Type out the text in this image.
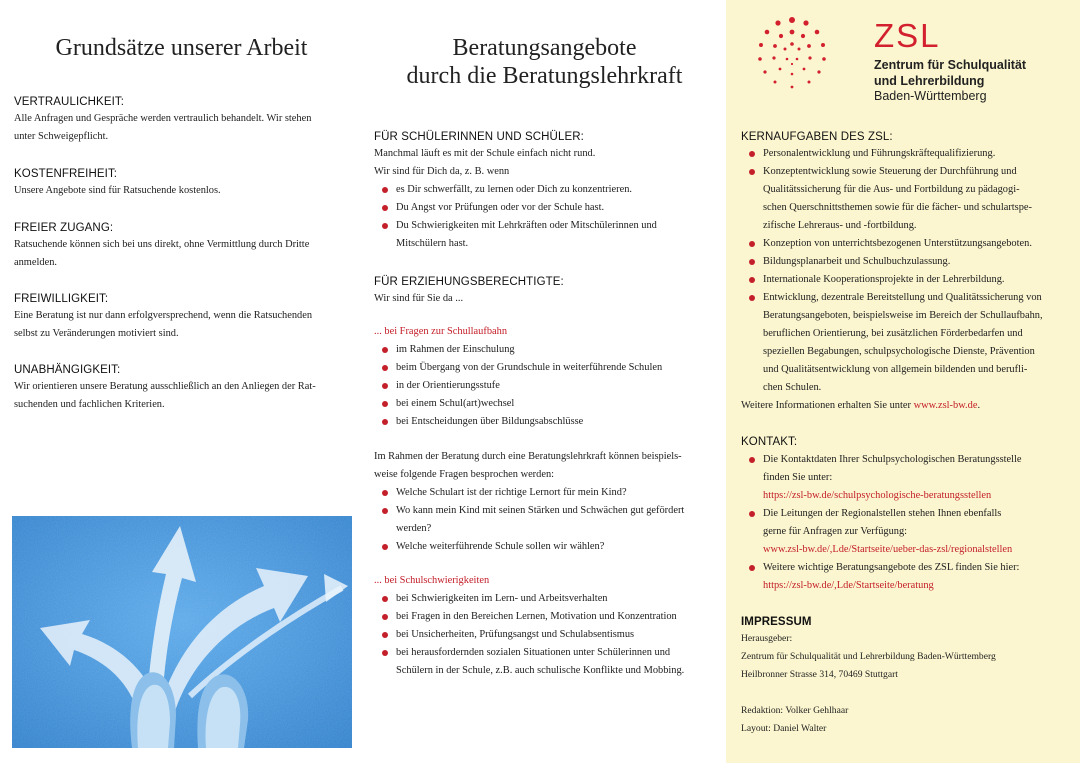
Grundsätze unserer Arbeit
VERTRAULICHKEIT:
Alle Anfragen und Gespräche werden vertraulich behandelt. Wir stehen
unter Schweigepflicht.
KOSTENFREIHEIT:
Unsere Angebote sind für Ratsuchende kostenlos.
FREIER ZUGANG:
Ratsuchende können sich bei uns direkt, ohne Vermittlung durch Dritte
anmelden.
FREIWILLIGKEIT:
Eine Beratung ist nur dann erfolgversprechend, wenn die Ratsuchenden
selbst zu Veränderungen motiviert sind.
UNABHÄNGIGKEIT:
Wir orientieren unsere Beratung ausschließlich an den Anliegen der Rat-
suchenden und fachlichen Kriterien.
Beratungsangebote
durch die Beratungslehrkraft
FÜR SCHÜLERINNEN UND SCHÜLER:
Manchmal läuft es mit der Schule einfach nicht rund.
Wir sind für Dich da, z. B. wenn
es Dir schwerfällt, zu lernen oder Dich zu konzentrieren.
Du Angst vor Prüfungen oder vor der Schule hast.
Du Schwierigkeiten mit Lehrkräften oder Mitschülerinnen und
Mitschülern hast.
FÜR ERZIEHUNGSBERECHTIGTE:
Wir sind für Sie da ...
... bei Fragen zur Schullaufbahn
im Rahmen der Einschulung
beim Übergang von der Grundschule in weiterführende Schulen
in der Orientierungsstufe
bei einem Schul(art)wechsel
bei Entscheidungen über Bildungsabschlüsse
Im Rahmen der Beratung durch eine Beratungslehrkraft können beispiels-
weise folgende Fragen besprochen werden:
Welche Schulart ist der richtige Lernort für mein Kind?
Wo kann mein Kind mit seinen Stärken und Schwächen gut gefördert
werden?
Welche weiterführende Schule sollen wir wählen?
... bei Schulschwierigkeiten
bei Schwierigkeiten im Lern- und Arbeitsverhalten
bei Fragen in den Bereichen Lernen, Motivation und Konzentration
bei Unsicherheiten, Prüfungsangst und Schulabsentismus
bei herausfordernden sozialen Situationen unter Schülerinnen und
Schülern in der Schule, z.B. auch schulische Konflikte und Mobbing.
ZSL
Zentrum für Schulqualität
und Lehrerbildung
Baden-Württemberg
KERNAUFGABEN DES ZSL:
Personalentwicklung und Führungskräftequalifizierung.
Konzeptentwicklung sowie Steuerung der Durchführung und
Qualitätssicherung für die Aus- und Fortbildung zu pädagogi-
schen Querschnittsthemen sowie für die fächer- und schulartspe-
zifische Lehreraus- und -fortbildung.
Konzeption von unterrichtsbezogenen Unterstützungsangeboten.
Bildungsplanarbeit und Schulbuchzulassung.
Internationale Kooperationsprojekte in der Lehrerbildung.
Entwicklung, dezentrale Bereitstellung und Qualitätssicherung von
Beratungsangeboten, beispielsweise im Bereich der Schullaufbahn,
beruflichen Orientierung, bei zusätzlichen Förderbedarfen und
speziellen Begabungen, schulpsychologische Dienste, Prävention
und Qualitätsentwicklung von allgemein bildenden und berufli-
chen Schulen.
Weitere Informationen erhalten Sie unter www.zsl-bw.de.
KONTAKT:
Die Kontaktdaten Ihrer Schulpsychologischen Beratungsstelle
finden Sie unter:
https://zsl-bw.de/schulpsychologische-beratungsstellen
Die Leitungen der Regionalstellen stehen Ihnen ebenfalls
gerne für Anfragen zur Verfügung:
www.zsl-bw.de/,Lde/Startseite/ueber-das-zsl/regionalstellen
Weitere wichtige Beratungsangebote des ZSL finden Sie hier:
https://zsl-bw.de/,Lde/Startseite/beratung
IMPRESSUM
Herausgeber:
Zentrum für Schulqualität und Lehrerbildung Baden-Württemberg
Heilbronner Strasse 314, 70469 Stuttgart
Redaktion: Volker Gehlhaar
Layout: Daniel Walter
